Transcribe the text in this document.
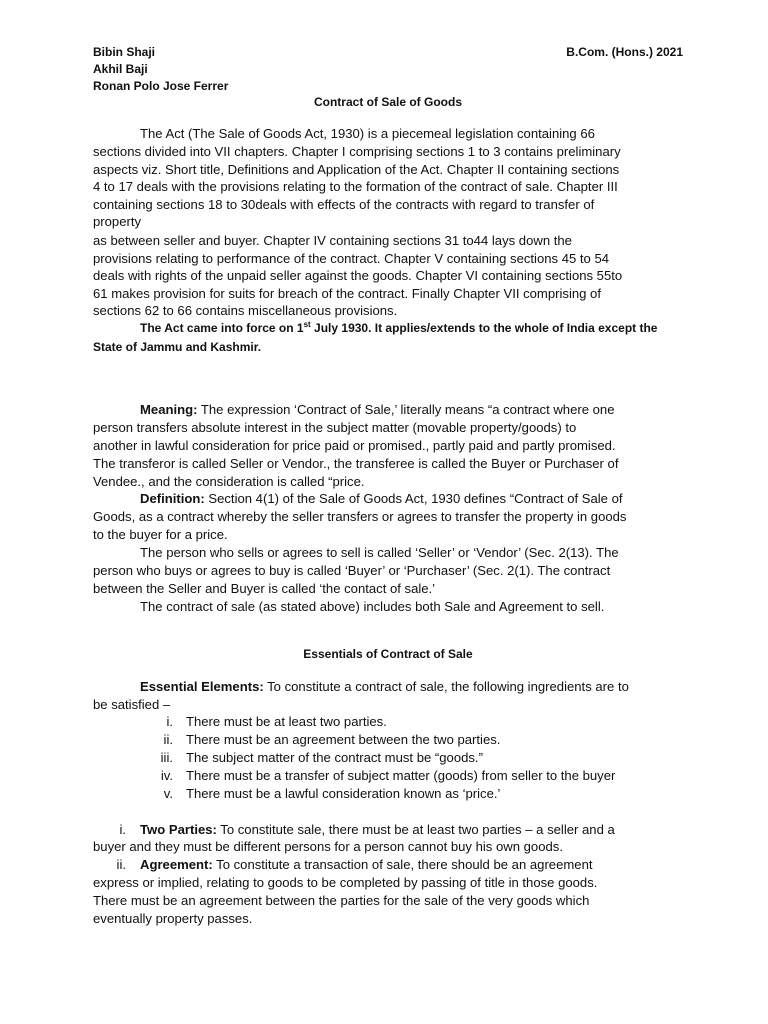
Bibin Shaji	B.Com. (Hons.) 2021
Akhil Baji
Ronan Polo Jose Ferrer
Contract of Sale of Goods
The Act (The Sale of Goods Act, 1930) is a piecemeal legislation containing 66
sections divided into VII chapters. Chapter I comprising sections 1 to 3 contains preliminary
aspects viz. Short title, Definitions and Application of the Act. Chapter II containing sections
4 to 17 deals with the provisions relating to the formation of the contract of sale. Chapter III
containing sections 18 to 30deals with effects of the contracts with regard to transfer of
property
as between seller and buyer. Chapter IV containing sections 31 to44 lays down the
provisions relating to performance of the contract. Chapter V containing sections 45 to 54
deals with rights of the unpaid seller against the goods. Chapter VI containing sections 55to
61 makes provision for suits for breach of the contract. Finally Chapter VII comprising of
sections 62 to 66 contains miscellaneous provisions.
The Act came into force on 1st July 1930. It applies/extends to the whole of India except the
State of Jammu and Kashmir.
Meaning: The expression ‘Contract of Sale,’ literally means “a contract where one
person transfers absolute interest in the subject matter (movable property/goods) to
another in lawful consideration for price paid or promised., partly paid and partly promised.
The transferor is called Seller or Vendor., the transferee is called the Buyer or Purchaser of
Vendee., and the consideration is called “price.
Definition: Section 4(1) of the Sale of Goods Act, 1930 defines “Contract of Sale of
Goods, as a contract whereby the seller transfers or agrees to transfer the property in goods
to the buyer for a price.
The person who sells or agrees to sell is called ‘Seller’ or ‘Vendor’ (Sec. 2(13). The
person who buys or agrees to buy is called ‘Buyer’ or ‘Purchaser’ (Sec. 2(1). The contract
between the Seller and Buyer is called ‘the contact of sale.’
The contract of sale (as stated above) includes both Sale and Agreement to sell.
Essentials of Contract of Sale
Essential Elements: To constitute a contract of sale, the following ingredients are to
be satisfied –
i. There must be at least two parties.
ii. There must be an agreement between the two parties.
iii. The subject matter of the contract must be “goods.”
iv. There must be a transfer of subject matter (goods) from seller to the buyer
v. There must be a lawful consideration known as ‘price.’
i. Two Parties: To constitute sale, there must be at least two parties – a seller and a
buyer and they must be different persons for a person cannot buy his own goods.
ii. Agreement: To constitute a transaction of sale, there should be an agreement
express or implied, relating to goods to be completed by passing of title in those goods.
There must be an agreement between the parties for the sale of the very goods which
eventually property passes.
